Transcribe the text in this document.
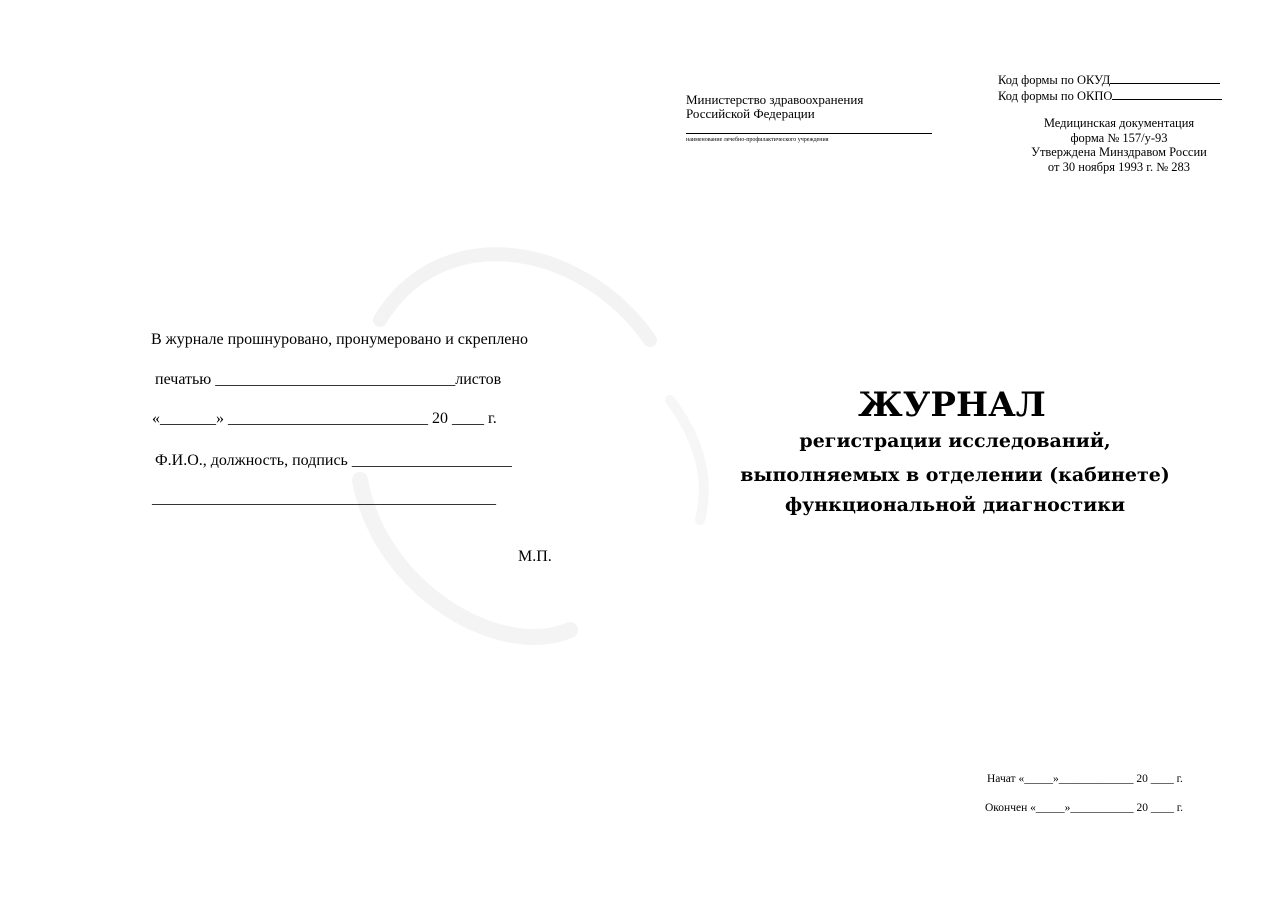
В журнале прошнуровано, пронумеровано и скреплено
печатью ______________________________листов
«_______» _________________________ 20 ____ г.
Ф.И.О., должность, подпись ____________________
___________________________________________
М.П.
Министерство здравоохранения
Российской Федерации
наименование лечебно-профилактического учреждения
Код формы по ОКУД
Код формы по ОКПО
Медицинская документация
форма № 157/у-93
Утверждена Минздравом России
от 30 ноября 1993 г. № 283
ЖУРНАЛ
регистрации исследований,
выполняемых в отделении (кабинете)
функциональной диагностики
Начат «_____»_____________ 20 ____ г.
Окончен «_____»___________ 20 ____ г.
